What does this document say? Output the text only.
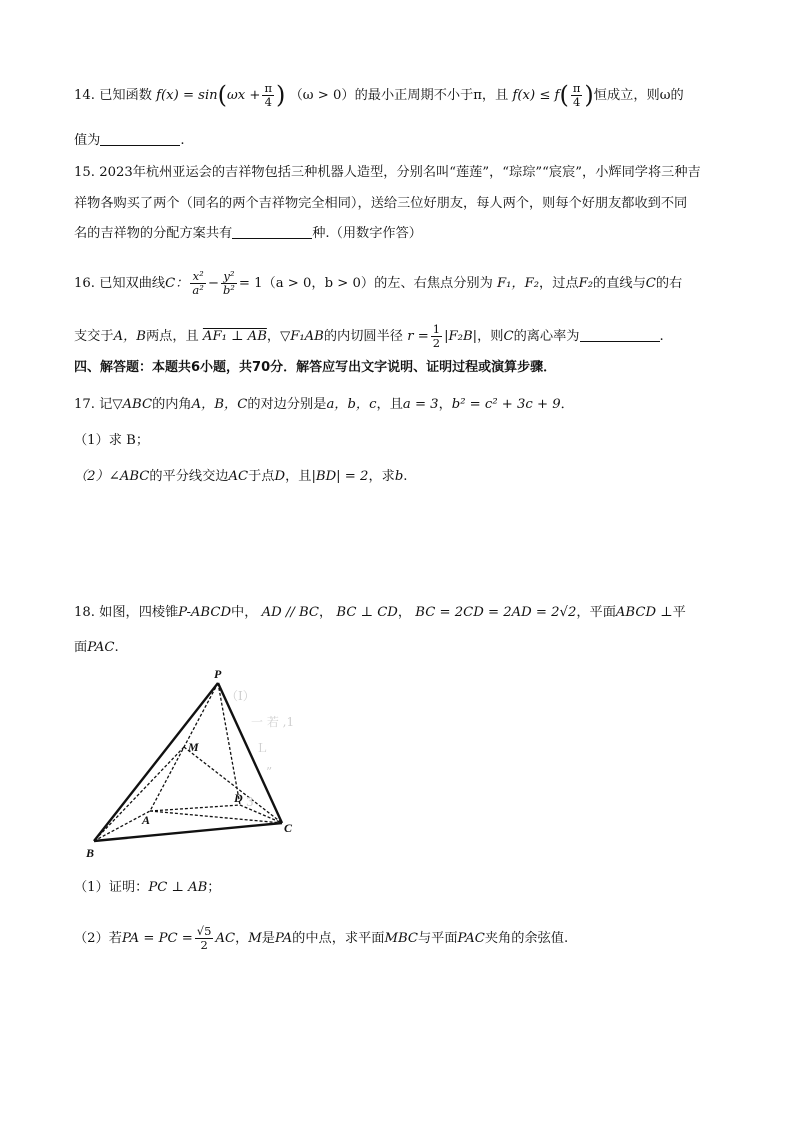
14. 已知函数 $f(x) = \sin(\omega x + \frac{\pi}{4}$ ) （ω > 0）的最小正周期不小于π，且 $f(x) \le f( \frac{\pi}{4}$ )恒成立，则ω的
值为	.
15. 2023年杭州亚运会的吉祥物包括三种机器人造型，分别名叫“莲莲”，“琮琮”“宸宸”，小辉同学将三种吉
祥物各购买了两个（同名的两个吉祥物完全相同），送给三位好朋友，每人两个，则每个好朋友都收到不同
名的吉祥物的分配方案共有	种.（用数字作答）
16. 已知双曲线C： $\frac{\text{x²}}{\text{a²}} - \frac{\text{y²}}{\text{b²}} = 1(a > 0$，b > 0）的左、右焦点分别为 F₁，F₂，过点F₂的直线与C的右
支交于A，B两点，且 AF₁ ⊥ AB，▽F₁AB的内切圆半径 $r = \frac{1}{2} |F_2B|$，则C的离心率为	.
四、解答题：本题共6小题，共70分．解答应写出文字说明、证明过程或演算步骤．
17. 记▽ABC的内角A，B，C的对边分别是a，b，c，且a = 3，b² = c² + 3c + 9．
（1）求 B；
（2）∠ABC的平分线交边AC于点D，且|BD| = 2，求b.
18. 如图，四棱锥P-ABCD中， AD // BC， BC ⊥ CD， BC = 2CD = 2AD = 2√2，平面ABCD ⊥平
面PAC.
（Ⅰ）
一 若 ,1
Ｌ
”
3
P
M
A
D
B
C
（1）证明：PC ⊥ AB；
（2）若PA = PC = $\frac{√5}{2}$ AC，M是PA的中点，求平面MBC与平面PAC夹角的余弦值.
